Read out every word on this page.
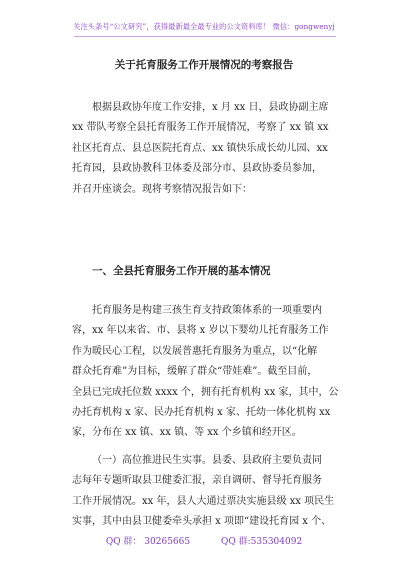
关注头条号“公文研究”，获得最新最全最专业的公文资料库！ 微信：gongwenyj
关于托育服务工作开展情况的考察报告
根据县政协年度工作安排，x 月 xx 日，县政协副主席
xx 带队考察全县托育服务工作开展情况，考察了 xx 镇 xx
社区托育点、县总医院托育点、xx 镇快乐成长幼儿园、xx
托育园，县政协教科卫体委及部分市、县政协委员参加，
并召开座谈会。现将考察情况报告如下：
一、全县托育服务工作开展的基本情况
托育服务是构建三孩生育支持政策体系的一项重要内
容，xx 年以来省、市、县将 x 岁以下婴幼儿托育服务工作
作为暖民心工程，以发展普惠托育服务为重点，以“化解
群众托育难”为目标，缓解了群众“带娃难”。截至目前，
全县已完成托位数 xxxx 个，拥有托育机构 xx 家，其中，公
办托育机构 x 家、民办托育机构 x 家、托幼一体化机构 xx
家，分布在 xx 镇、xx 镇、等 xx 个乡镇和经开区。
（一）高位推进民生实事。县委、县政府主要负责同
志每年专题听取县卫健委汇报，亲自调研、督导托育服务
工作开展情况。xx 年，县人大通过票决实施县级 xx 项民生
实事，其中由县卫健委牵头承担 x 项即“建设托育园 x 个、
QQ 群： 30265665	QQ 群:535304092
